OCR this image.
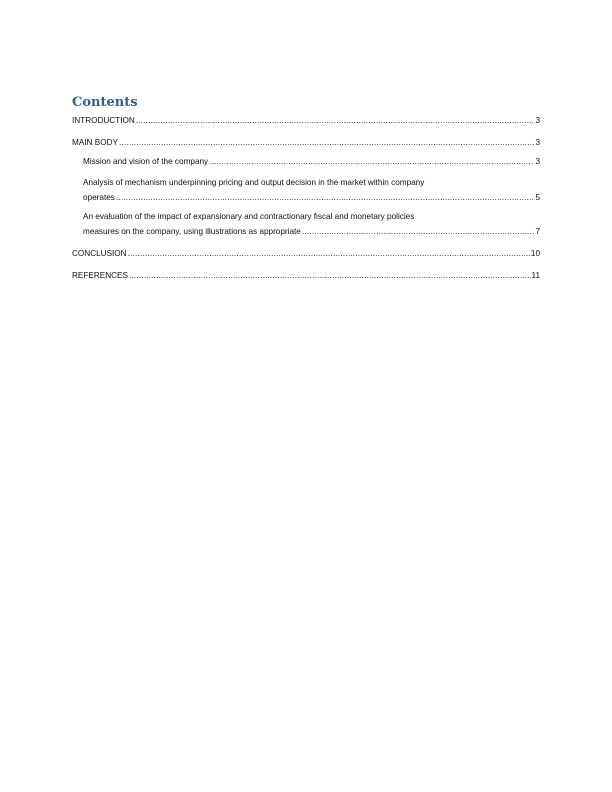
Contents
INTRODUCTION .....	3
MAIN BODY .....	3
Mission and vision of the company .....	3
Analysis of mechanism underpinning pricing and output decision in the market within company
operates .....	5
An evaluation of the impact of expansionary and contractionary fiscal and monetary policies
measures on the company, using illustrations as appropriate .....	7
CONCLUSION .....	10
REFERENCES .....	11
